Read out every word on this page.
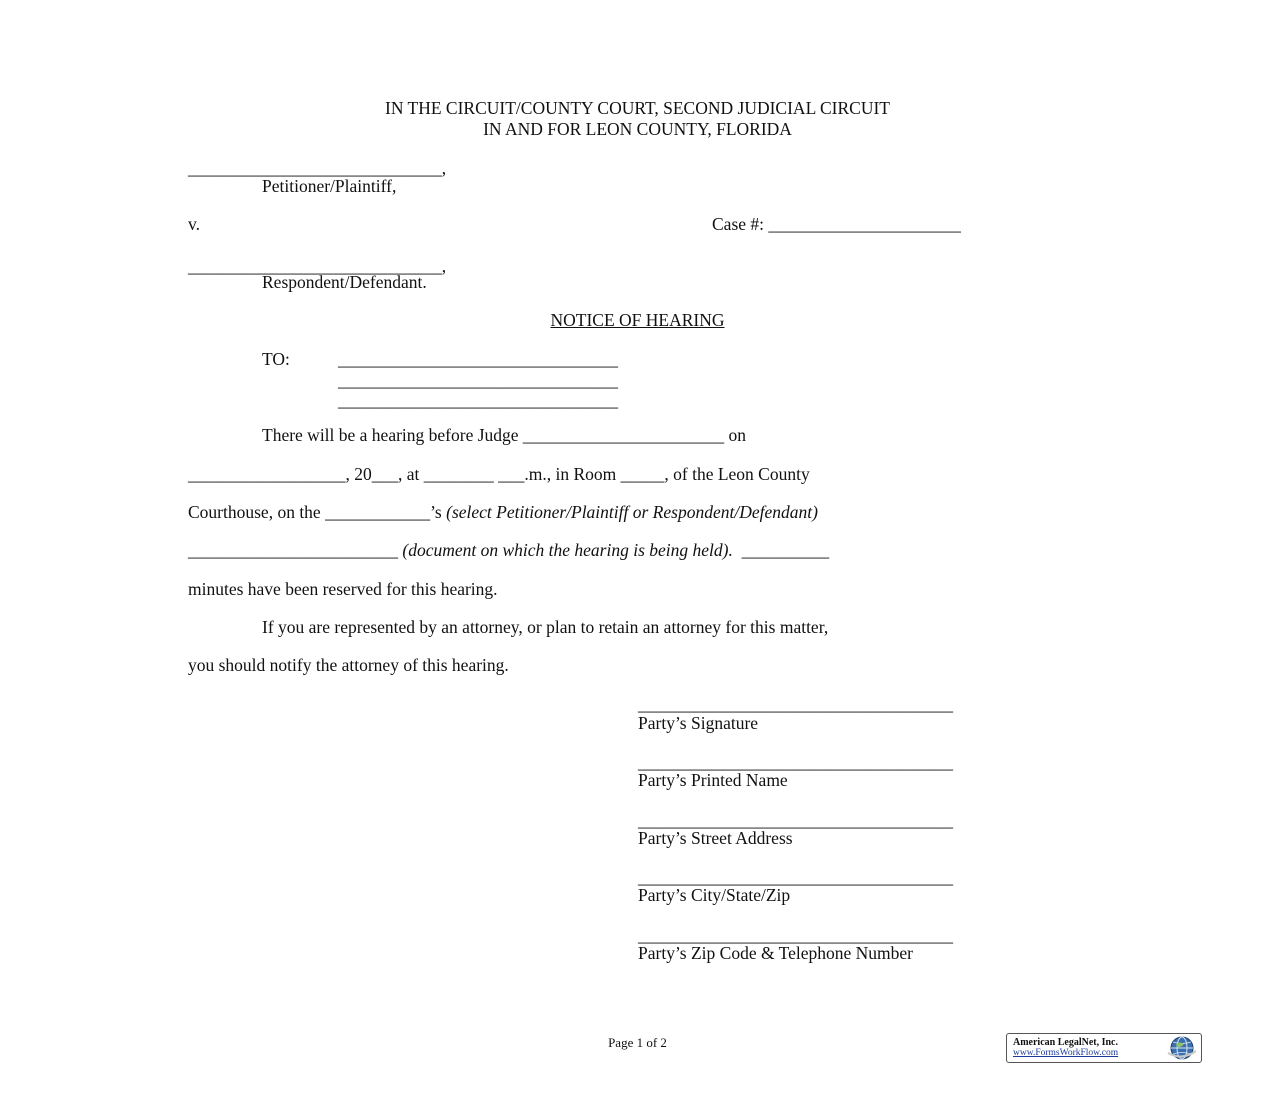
IN THE CIRCUIT/COUNTY COURT, SECOND JUDICIAL CIRCUIT
IN AND FOR LEON COUNTY, FLORIDA
_____________________________,
Petitioner/Plaintiff,
v.	Case #: ______________________
_____________________________,
Respondent/Defendant.
NOTICE OF HEARING
TO:	________________________________
________________________________
________________________________
There will be a hearing before Judge _______________________ on
__________________, 20___, at ________ ___.m., in Room _____, of the Leon County
Courthouse, on the ____________’s (select Petitioner/Plaintiff or Respondent/Defendant)
________________________ (document on which the hearing is being held).  __________
minutes have been reserved for this hearing.
If you are represented by an attorney, or plan to retain an attorney for this matter,
you should notify the attorney of this hearing.
____________________________________
Party’s Signature
____________________________________
Party’s Printed Name
____________________________________
Party’s Street Address
____________________________________
Party’s City/State/Zip
____________________________________
Party’s Zip Code & Telephone Number
Page 1 of 2	American LegalNet, Inc.
www.FormsWorkFlow.com
